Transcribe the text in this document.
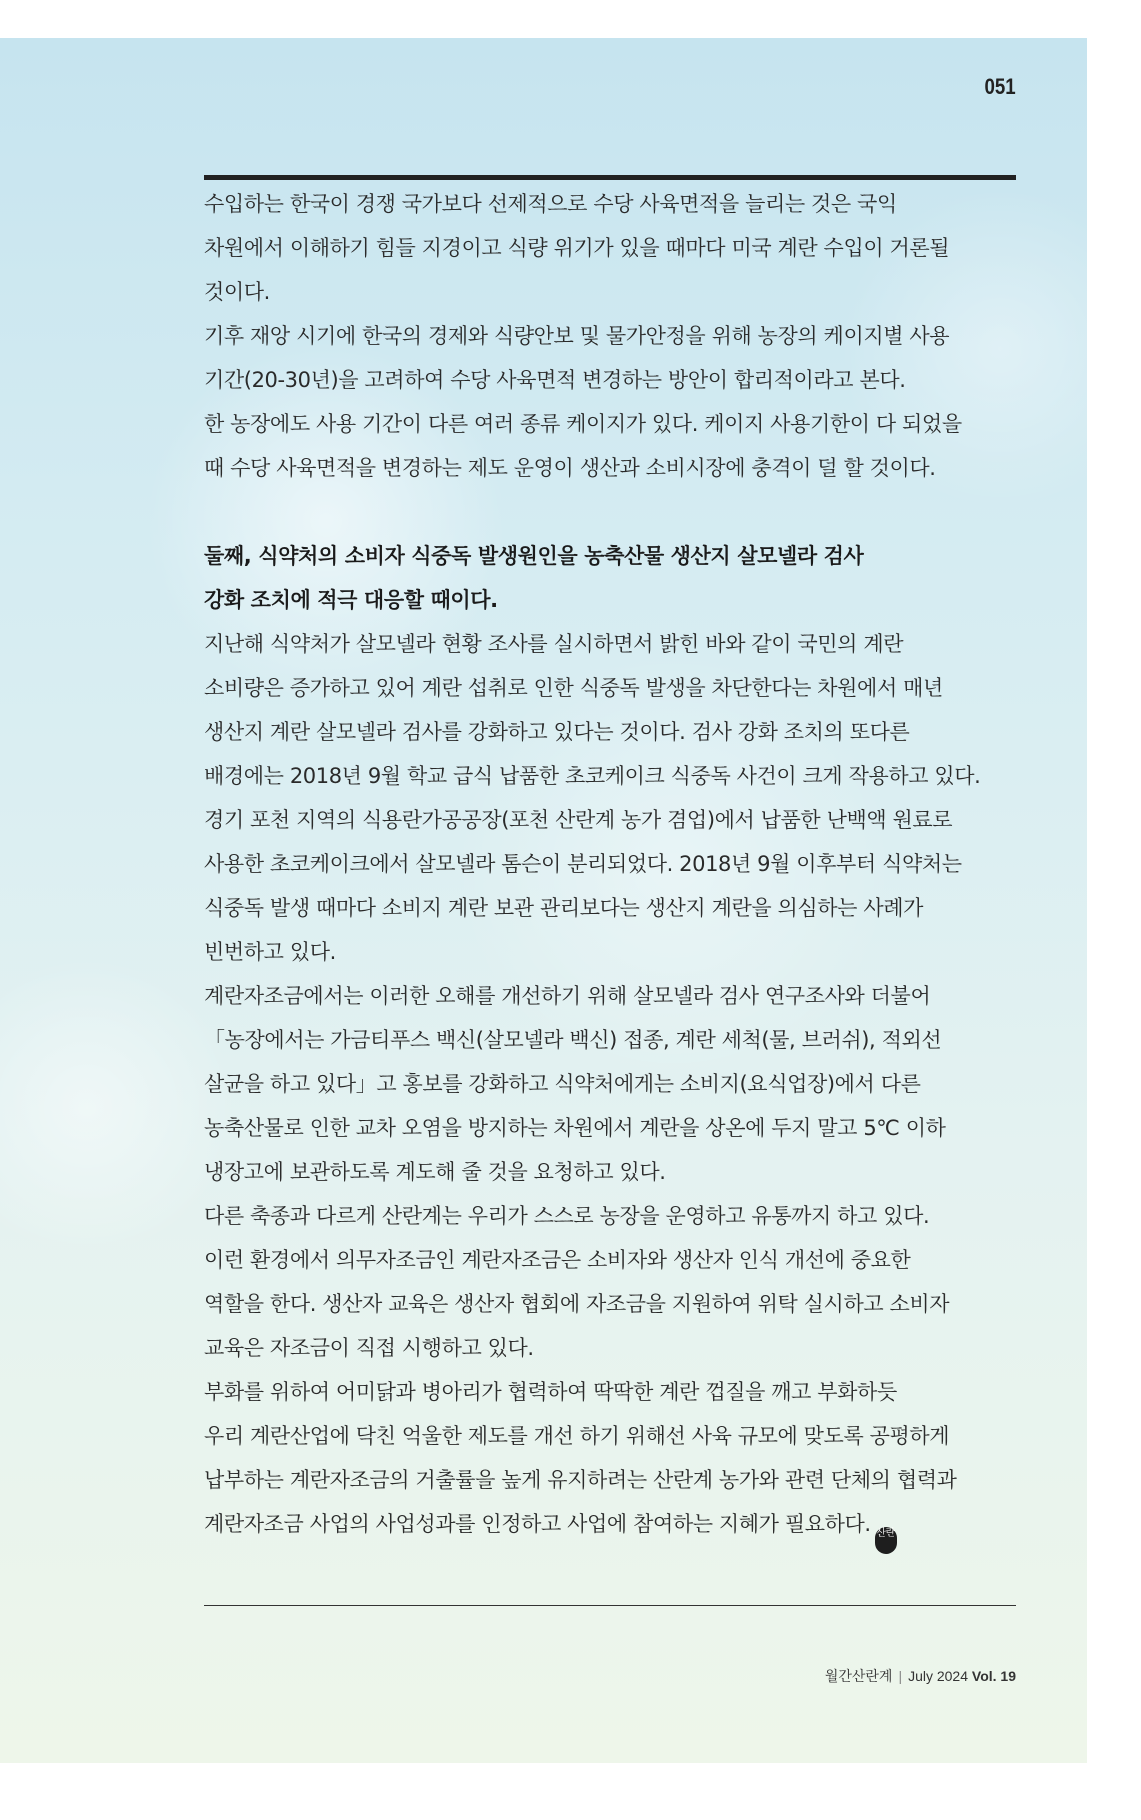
051
수입하는 한국이 경쟁 국가보다 선제적으로 수당 사육면적을 늘리는 것은 국익
차원에서 이해하기 힘들 지경이고 식량 위기가 있을 때마다 미국 계란 수입이 거론될
것이다.
기후 재앙 시기에 한국의 경제와 식량안보 및 물가안정을 위해 농장의 케이지별 사용
기간(20-30년)을 고려하여 수당 사육면적 변경하는 방안이 합리적이라고 본다.
한 농장에도 사용 기간이 다른 여러 종류 케이지가 있다. 케이지 사용기한이 다 되었을
때 수당 사육면적을 변경하는 제도 운영이 생산과 소비시장에 충격이 덜 할 것이다.
둘째, 식약처의 소비자 식중독 발생원인을 농축산물 생산지 살모넬라 검사
강화 조치에 적극 대응할 때이다.
지난해 식약처가 살모넬라 현황 조사를 실시하면서 밝힌 바와 같이 국민의 계란
소비량은 증가하고 있어 계란 섭취로 인한 식중독 발생을 차단한다는 차원에서 매년
생산지 계란 살모넬라 검사를 강화하고 있다는 것이다. 검사 강화 조치의 또다른
배경에는 2018년 9월 학교 급식 납품한 초코케이크 식중독 사건이 크게 작용하고 있다.
경기 포천 지역의 식용란가공공장(포천 산란계 농가 겸업)에서 납품한 난백액 원료로
사용한 초코케이크에서 살모넬라 톰슨이 분리되었다. 2018년 9월 이후부터 식약처는
식중독 발생 때마다 소비지 계란 보관 관리보다는 생산지 계란을 의심하는 사례가
빈번하고 있다.
계란자조금에서는 이러한 오해를 개선하기 위해 살모넬라 검사 연구조사와 더불어
「농장에서는 가금티푸스 백신(살모넬라 백신) 접종, 계란 세척(물, 브러쉬), 적외선
살균을 하고 있다」고 홍보를 강화하고 식약처에게는 소비지(요식업장)에서 다른
농축산물로 인한 교차 오염을 방지하는 차원에서 계란을 상온에 두지 말고 5℃ 이하
냉장고에 보관하도록 계도해 줄 것을 요청하고 있다.
다른 축종과 다르게 산란계는 우리가 스스로 농장을 운영하고 유통까지 하고 있다.
이런 환경에서 의무자조금인 계란자조금은 소비자와 생산자 인식 개선에 중요한
역할을 한다. 생산자 교육은 생산자 협회에 자조금을 지원하여 위탁 실시하고 소비자
교육은 자조금이 직접 시행하고 있다.
부화를 위하여 어미닭과 병아리가 협력하여 딱딱한 계란 껍질을 깨고 부화하듯
우리 계란산업에 닥친 억울한 제도를 개선 하기 위해선 사육 규모에 맞도록 공평하게
납부하는 계란자조금의 거출률을 높게 유지하려는 산란계 농가와 관련 단체의 협력과
계란자조금 사업의 사업성과를 인정하고 사업에 참여하는 지혜가 필요하다. 산란
월간산란계 | July 2024 Vol. 19
